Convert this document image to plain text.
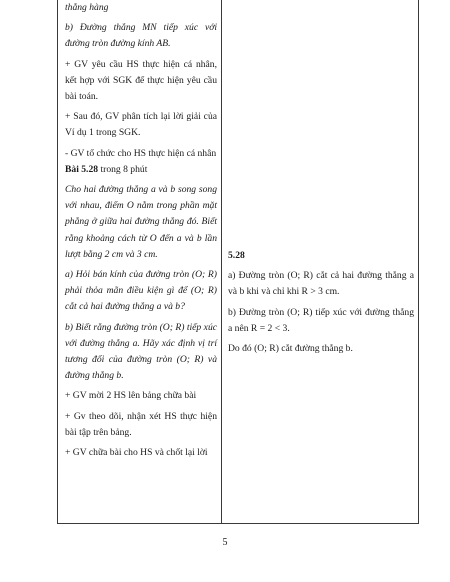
thẳng hàng

b) Đường thẳng MN tiếp xúc với đường tròn đường kính AB.

+ GV yêu cầu HS thực hiện cá nhân, kết hợp với SGK để thực hiện yêu cầu bài toán.

+ Sau đó, GV phân tích lại lời giải của Ví dụ 1 trong SGK.

- GV tổ chức cho HS thực hiện cá nhân
Bài 5.28 trong 8 phút

Cho hai đường thẳng a và b song song với nhau, điểm O nằm trong phần mặt phẳng ở giữa hai đường thẳng đó. Biết rằng khoảng cách từ O đến a và b lần lượt bằng 2 cm và 3 cm.

a) Hỏi bán kính của đường tròn (O; R) phải thỏa mãn điều kiện gì để (O; R) cắt cả hai đường thẳng a và b?

b) Biết rằng đường tròn (O; R) tiếp xúc với đường thẳng a. Hãy xác định vị trí tương đối của đường tròn (O; R) và đường thẳng b.

+ GV mời 2 HS lên bảng chữa bài

+ Gv theo dõi, nhận xét HS thực hiện bài tập trên bảng.

+ GV chữa bài cho HS và chốt lại lời

5.28

a) Đường tròn (O; R) cắt cả hai đường thẳng a và b khi và chỉ khi R > 3 cm.

b) Đường tròn (O; R) tiếp xúc với đường thẳng a nên R = 2 < 3.

Do đó (O; R) cắt đường thẳng b.

5
